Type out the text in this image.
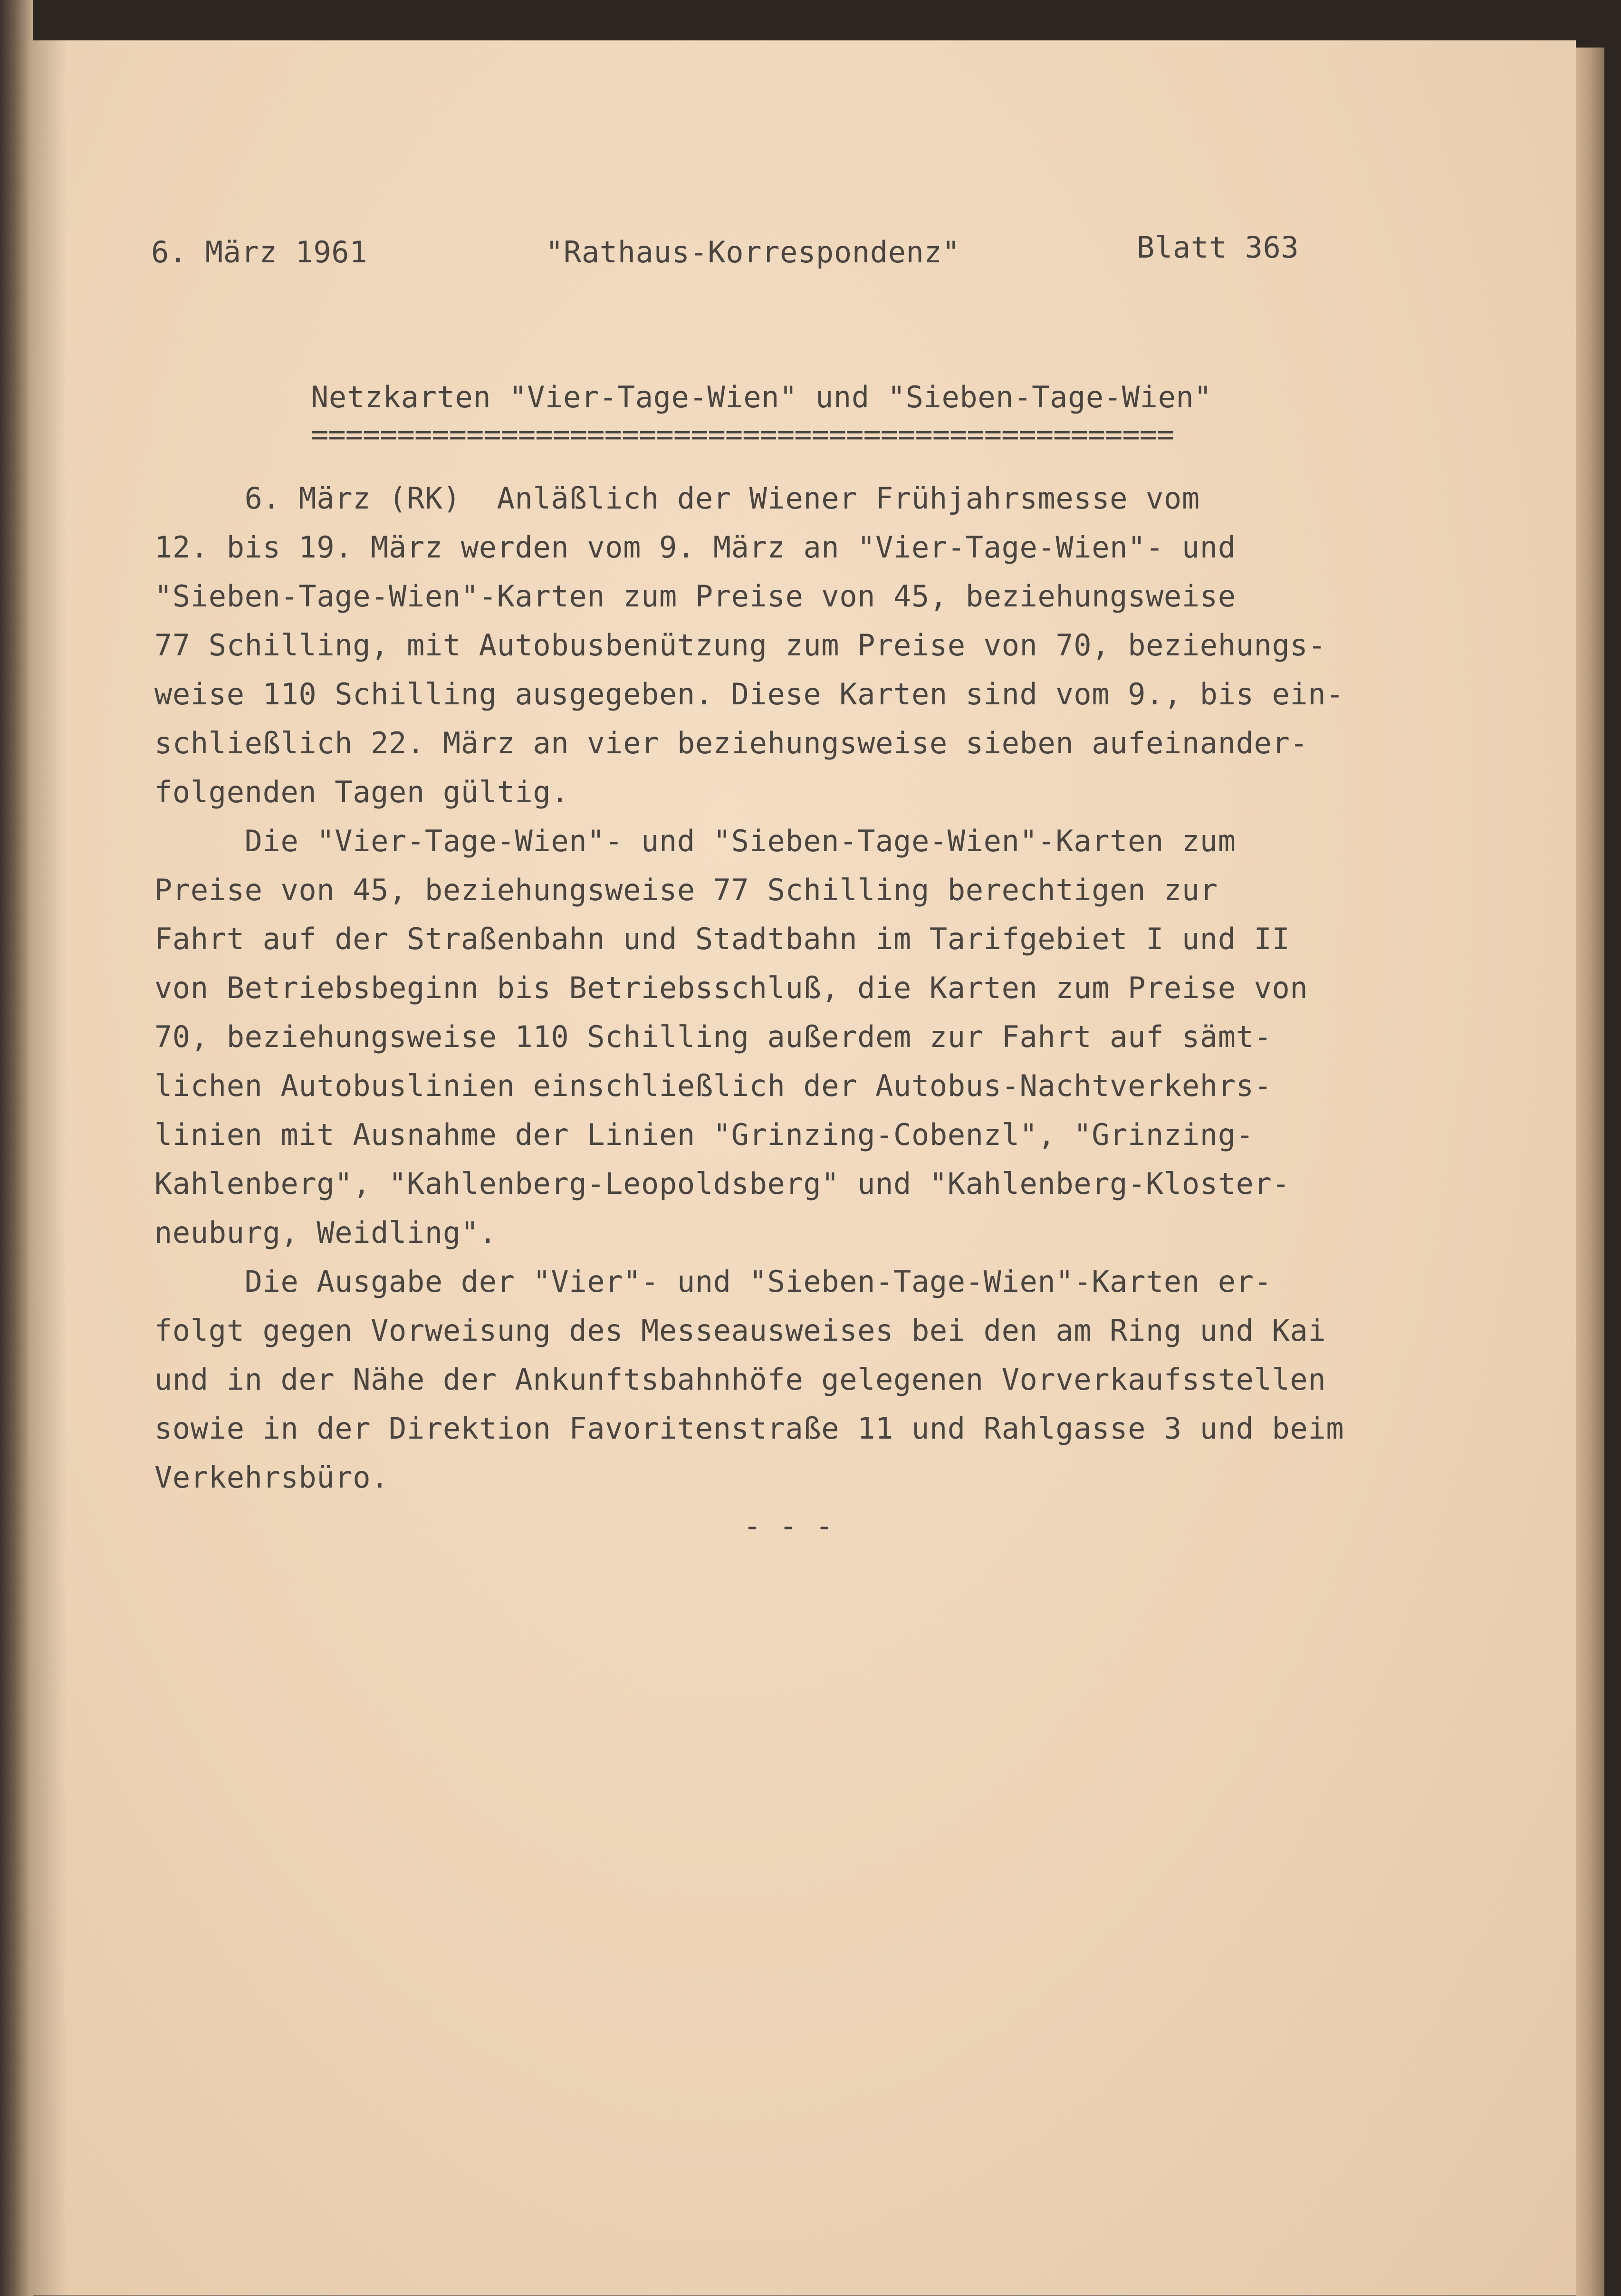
6. März 1961	"Rathaus-Korrespondenz"	Blatt 363
Netzkarten "Vier-Tage-Wien" und "Sieben-Tage-Wien"
==================================================
6. März (RK)  Anläßlich der Wiener Frühjahrsmesse vom
12. bis 19. März werden vom 9. März an "Vier-Tage-Wien"- und
"Sieben-Tage-Wien"-Karten zum Preise von 45, beziehungsweise
77 Schilling, mit Autobusbenützung zum Preise von 70, beziehungs-
weise 110 Schilling ausgegeben. Diese Karten sind vom 9., bis ein-
schließlich 22. März an vier beziehungsweise sieben aufeinander-
folgenden Tagen gültig.
Die "Vier-Tage-Wien"- und "Sieben-Tage-Wien"-Karten zum
Preise von 45, beziehungsweise 77 Schilling berechtigen zur
Fahrt auf der Straßenbahn und Stadtbahn im Tarifgebiet I und II
von Betriebsbeginn bis Betriebsschluß, die Karten zum Preise von
70, beziehungsweise 110 Schilling außerdem zur Fahrt auf sämt-
lichen Autobuslinien einschließlich der Autobus-Nachtverkehrs-
linien mit Ausnahme der Linien "Grinzing-Cobenzl", "Grinzing-
Kahlenberg", "Kahlenberg-Leopoldsberg" und "Kahlenberg-Kloster-
neuburg, Weidling".
Die Ausgabe der "Vier"- und "Sieben-Tage-Wien"-Karten er-
folgt gegen Vorweisung des Messeausweises bei den am Ring und Kai
und in der Nähe der Ankunftsbahnhöfe gelegenen Vorverkaufsstellen
sowie in der Direktion Favoritenstraße 11 und Rahlgasse 3 und beim
Verkehrsbüro.
- - -
